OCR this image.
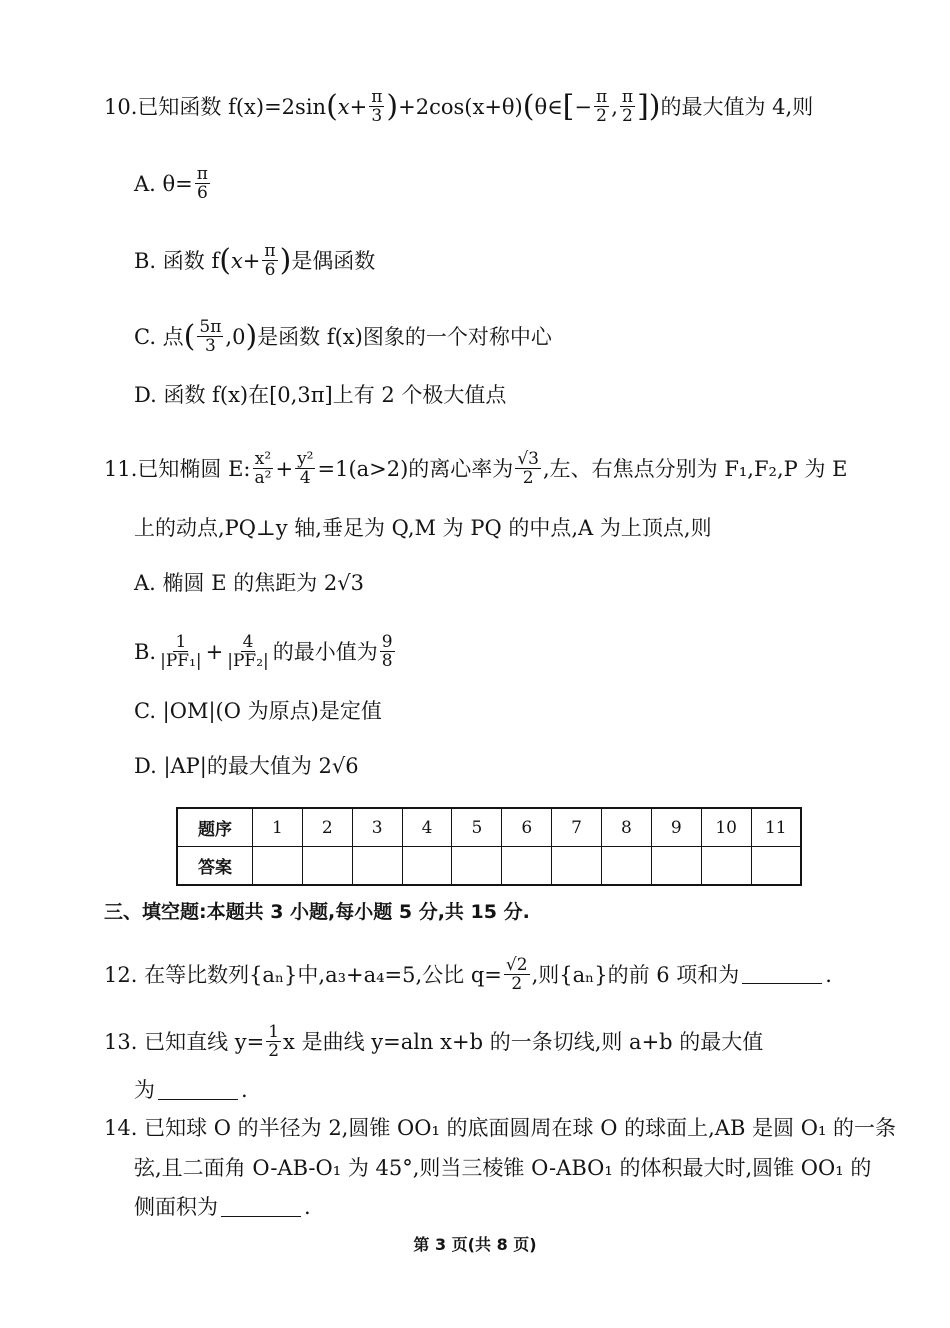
10. 已知函数 f(x)=2sin ( $x+ \frac{\pi}{3}$ ) +2cos(x+θ) ( θ∈ [ − $\frac{\pi}{2}$ , $\frac{\pi}{2}$ ] ) 的最大值为 4,则
A. $\theta= \frac{\pi}{6}$
B. 函数 f ( $x+ \frac{\pi}{6}$ ) 是偶函数
C. 点 ( $\frac{5\pi}{3} ,0$ ) 是函数 f(x)图象的一个对称中心
D. 函数 f(x)在[0,3π]上有 2 个极大值点
11. 已知椭圆 E: $\frac{\text{x²}}{\text{a²}} + \frac{\text{y²}}{4} =1(a>2)$的离心率为 $\frac{√3}{2}$ ,左、右焦点分别为 F₁,F₂,P 为 E
上的动点,PQ⊥y 轴,垂足为 Q,M 为 PQ 的中点,A 为上顶点,则
A. 椭圆 E 的焦距为 2√3
B. $\frac{1}{\text{|PF₁|}} + \frac{4}{\text{|PF₂|}}$ 的最小值为 $\frac{9}{8}$
C. |OM|(O 为原点)是定值
D. |AP|的最大值为 2√6
题序	1	2	3	4	5	6	7	8	9	10	11
答案											
三、填空题:本题共 3 小题,每小题 5 分,共 15 分.
12. 在等比数列{aₙ}中,a₃+a₄=5,公比 $q= \frac{√2}{2}$ ,则{aₙ}的前 6 项和为	.
13. 已知直线 $y= \frac{1}{2}$ x 是曲线 y=aln x+b 的一条切线,则 a+b 的最大值
为	.
14. 已知球 O 的半径为 2,圆锥 OO₁ 的底面圆周在球 O 的球面上,AB 是圆 O₁ 的一条
弦,且二面角 O-AB-O₁ 为 45°,则当三棱锥 O-ABO₁ 的体积最大时,圆锥 OO₁ 的
侧面积为	.
第 3 页(共 8 页)
